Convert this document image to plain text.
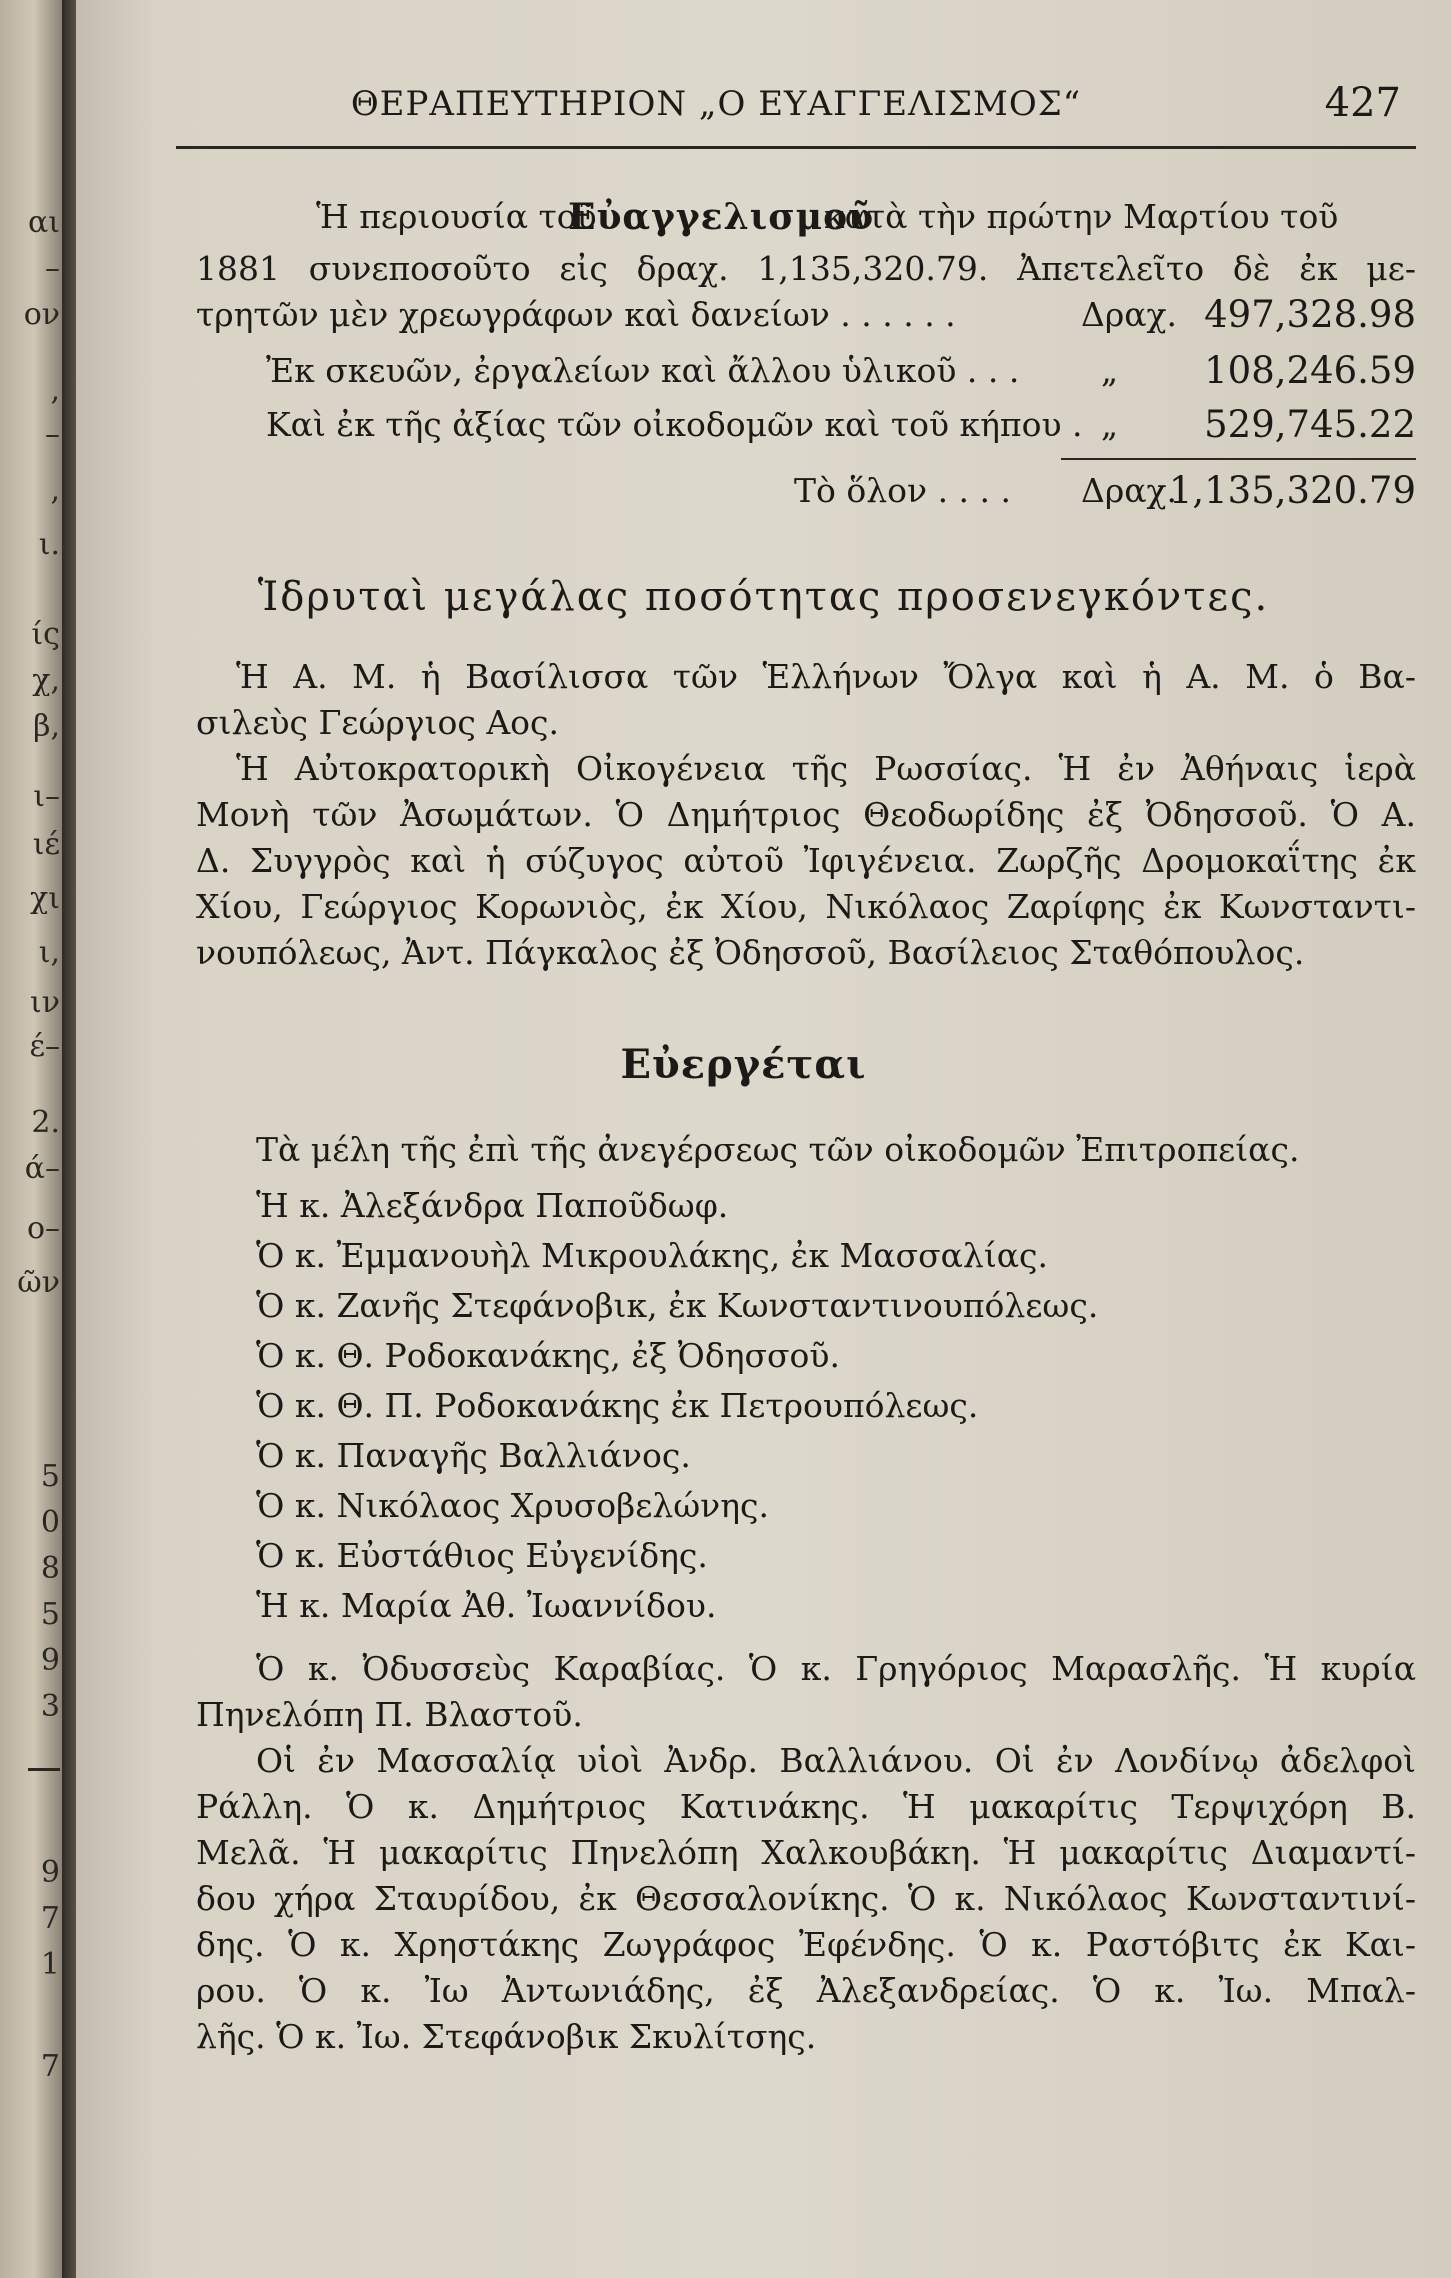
αι
–
ον
,
–
,
ι.
ίς
χ,
β,
ι–
ιέ
χι
ι,
ιν
έ–
2.
ά–
ο–
ῶν
5
0
8
5
9
3
9
7
1
7
ΘΕΡΑΠΕΥΤΗΡΙΟΝ „Ο ΕΥΑΓΓΕΛΙΣΜΟΣ“	427
Ἡ περιουσία τοῦ
Εὐαγγελισμοῦ
κατὰ τὴν πρώτην Μαρτίου τοῦ
1881 συνεποσοῦτο εἰς δραχ. 1,135,320.79. Ἀπετελεῖτο δὲ ἐκ με-
τρητῶν μὲν χρεωγράφων καὶ δανείων . . . . . .	Δραχ. 497,328.98
Ἐκ σκευῶν, ἐργαλείων καὶ ἄλλου ὑλικοῦ . . . „ 108,246.59
Καὶ ἐκ τῆς ἀξίας τῶν οἰκοδομῶν καὶ τοῦ κήπου . „ 529,745.22
Τὸ ὅλον . . . . Δραχ.
1,135,320.79
Ἱδρυταὶ μεγάλας ποσότητας προσενεγκόντες.
Ἡ Α. Μ. ἡ Βασίλισσα τῶν Ἑλλήνων Ὄλγα καὶ ἡ Α. Μ. ὁ Βα-
σιλεὺς Γεώργιος Αος.
Ἡ Αὐτοκρατορικὴ Οἰκογένεια τῆς Ρωσσίας. Ἡ ἐν Ἀθήναις ἱερὰ
Μονὴ τῶν Ἀσωμάτων. Ὁ Δημήτριος Θεοδωρίδης ἐξ Ὀδησσοῦ. Ὁ Α.
Δ. Συγγρὸς καὶ ἡ σύζυγος αὐτοῦ Ἰφιγένεια. Ζωρζῆς Δρομοκαΐτης ἐκ
Χίου, Γεώργιος Κορωνιὸς, ἐκ Χίου, Νικόλαος Ζαρίφης ἐκ Κωνσταντι-
νουπόλεως, Ἀντ. Πάγκαλος ἐξ Ὀδησσοῦ, Βασίλειος Σταθόπουλος.
Εὐεργέται
Τὰ μέλη τῆς ἐπὶ τῆς ἀνεγέρσεως τῶν οἰκοδομῶν Ἐπιτροπείας.
Ἡ κ. Ἀλεξάνδρα Παποῦδωφ.
Ὁ κ. Ἐμμανουὴλ Μικρουλάκης, ἐκ Μασσαλίας.
Ὁ κ. Ζανῆς Στεφάνοβικ, ἐκ Κωνσταντινουπόλεως.
Ὁ κ. Θ. Ροδοκανάκης, ἐξ Ὀδησσοῦ.
Ὁ κ. Θ. Π. Ροδοκανάκης ἐκ Πετρουπόλεως.
Ὁ κ. Παναγῆς Βαλλιάνος.
Ὁ κ. Νικόλαος Χρυσοβελώνης.
Ὁ κ. Εὐστάθιος Εὐγενίδης.
Ἡ κ. Μαρία Ἀθ. Ἰωαννίδου.
Ὁ κ. Ὀδυσσεὺς Καραβίας. Ὁ κ. Γρηγόριος Μαρασλῆς. Ἡ κυρία
Πηνελόπη Π. Βλαστοῦ.
Οἱ ἐν Μασσαλίᾳ υἱοὶ Ἀνδρ. Βαλλιάνου. Οἱ ἐν Λονδίνῳ ἀδελφοὶ
Ράλλη. Ὁ κ. Δημήτριος Κατινάκης. Ἡ μακαρίτις Τερψιχόρη Β.
Μελᾶ. Ἡ μακαρίτις Πηνελόπη Χαλκουβάκη. Ἡ μακαρίτις Διαμαντί-
δου χήρα Σταυρίδου, ἐκ Θεσσαλονίκης. Ὁ κ. Νικόλαος Κωνσταντινί-
δης. Ὁ κ. Χρηστάκης Ζωγράφος Ἐφένδης. Ὁ κ. Ραστόβιτς ἐκ Και-
ρου. Ὁ κ. Ἰω Ἀντωνιάδης, ἐξ Ἀλεξανδρείας. Ὁ κ. Ἰω. Μπαλ-
λῆς. Ὁ κ. Ἰω. Στεφάνοβικ Σκυλίτσης.
